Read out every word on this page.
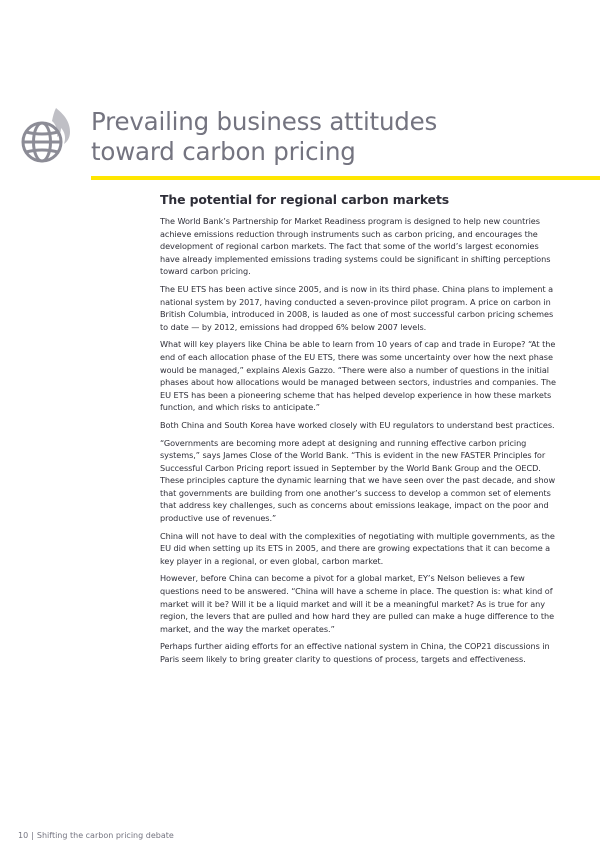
Prevailing business attitudes
toward carbon pricing
The potential for regional carbon markets

The World Bank’s Partnership for Market Readiness program is designed to help new countries achieve emissions reduction through instruments such as carbon pricing, and encourages the development of regional carbon markets. The fact that some of the world’s largest economies have already implemented emissions trading systems could be significant in shifting perceptions toward carbon pricing.

The EU ETS has been active since 2005, and is now in its third phase. China plans to implement a national system by 2017, having conducted a seven-province pilot program. A price on carbon in British Columbia, introduced in 2008, is lauded as one of most successful carbon pricing schemes to date — by 2012, emissions had dropped 6% below 2007 levels.

What will key players like China be able to learn from 10 years of cap and trade in Europe? “At the end of each allocation phase of the EU ETS, there was some uncertainty over how the next phase would be managed,” explains Alexis Gazzo. “There were also a number of questions in the initial phases about how allocations would be managed between sectors, industries and companies. The EU ETS has been a pioneering scheme that has helped develop experience in how these markets function, and which risks to anticipate.”

Both China and South Korea have worked closely with EU regulators to understand best practices.

“Governments are becoming more adept at designing and running effective carbon pricing systems,” says James Close of the World Bank. “This is evident in the new FASTER Principles for Successful Carbon Pricing report issued in September by the World Bank Group and the OECD. These principles capture the dynamic learning that we have seen over the past decade, and show that governments are building from one another’s success to develop a common set of elements that address key challenges, such as concerns about emissions leakage, impact on the poor and productive use of revenues.”

China will not have to deal with the complexities of negotiating with multiple governments, as the EU did when setting up its ETS in 2005, and there are growing expectations that it can become a key player in a regional, or even global, carbon market.

However, before China can become a pivot for a global market, EY’s Nelson believes a few questions need to be answered. “China will have a scheme in place. The question is: what kind of market will it be? Will it be a liquid market and will it be a meaningful market? As is true for any region, the levers that are pulled and how hard they are pulled can make a huge difference to the market, and the way the market operates.”

Perhaps further aiding efforts for an effective national system in China, the COP21 discussions in Paris seem likely to bring greater clarity to questions of process, targets and effectiveness.

10 | Shifting the carbon pricing debate
